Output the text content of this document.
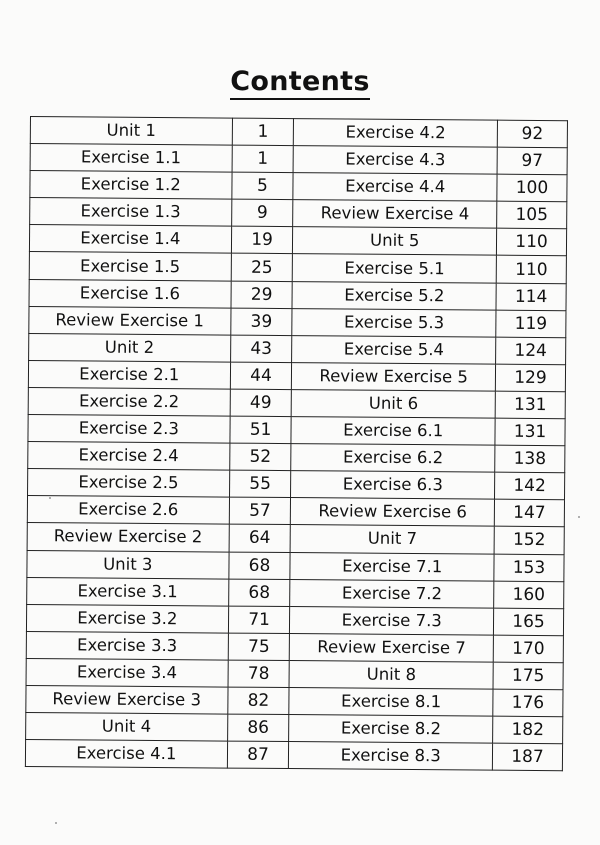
Contents
Unit 1	1	Exercise 4.2	92
Exercise 1.1	1	Exercise 4.3	97
Exercise 1.2	5	Exercise 4.4	100
Exercise 1.3	9	Review Exercise 4	105
Exercise 1.4	19	Unit 5	110
Exercise 1.5	25	Exercise 5.1	110
Exercise 1.6	29	Exercise 5.2	114
Review Exercise 1	39	Exercise 5.3	119
Unit 2	43	Exercise 5.4	124
Exercise 2.1	44	Review Exercise 5	129
Exercise 2.2	49	Unit 6	131
Exercise 2.3	51	Exercise 6.1	131
Exercise 2.4	52	Exercise 6.2	138
Exercise 2.5	55	Exercise 6.3	142
Exercise 2.6	57	Review Exercise 6	147
Review Exercise 2	64	Unit 7	152
Unit 3	68	Exercise 7.1	153
Exercise 3.1	68	Exercise 7.2	160
Exercise 3.2	71	Exercise 7.3	165
Exercise 3.3	75	Review Exercise 7	170
Exercise 3.4	78	Unit 8	175
Review Exercise 3	82	Exercise 8.1	176
Unit 4	86	Exercise 8.2	182
Exercise 4.1	87	Exercise 8.3	187
